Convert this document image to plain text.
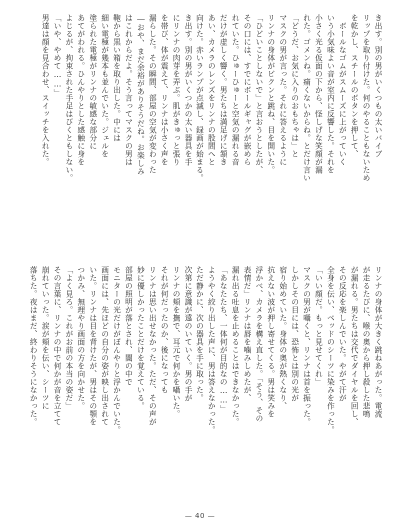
き出す。別の男がいくつもの太いバイブ
リップを取り付けた。何のやることもないため
を乾かし、スチールのボタンを押して、
　ボールなゴムがスムーズに上がっていく
いう小気味よい音が室内に反響した。それを
小さく光る仮面の下から、怪しげな笑顔が漏
れた。ゴメンね。痛くないからね。とだけ言い
「どうだ、お気に入りのおもちゃは」と
マスクの男が言った。それに答えるように
リンナの身体がビクンと跳ね、目を開いた。
「ひどいことしないで」と言おうとしたが、
その口には、すでにボールギャグが嵌めら
れていた。ひゅーひゅーと空気の漏れる音
だけが虚しく響く。男たちは満足げに頷き
あい、カメラのレンズをリンナの股間へと
向けた。赤いランプが点滅し、録画が始まる。
き出す。別の男がいくつかの太い器具を手
にリンナの肉芽を弄ぶ。肌がきゅっと張り
を帯び、体が震えて、リンナは小さく声を
漏らした。その瞬間、部屋の空気が変わった
―おや、まだ余裕がありそうだね。お楽しみ
はこれからだよ。そう言ってマスクの男は
鞄から黒い箱を取り出した。中には
細い電極が幾本も並んでいた。ジェルを
塗られた電極がリンナの敏感な部分に
あてがわれる。ひんやりとした感触に身を
よじるが、拘束された手足はびくともしない。
「いや、やめて……」
男達は顔を見合わせ、スイッチを入れた。
リンナの身体が大きく跳ねあがった。電流
が走るたびに、喉の奥から押し殺した悲鳴
が漏れる。男たちは交代でダイヤルを回し、
その反応を楽しんでいた。やがて汗が
全身を伝い、ベッドのシーツに染みを作った。
「いい顔だ。もっと見せてくれ」
マスクの男が囁くと、リンナは首を振った。
しかしその目には、恐怖とは別の光が
宿り始めていた。身体の奥が熱くなり、
抗えない波が押し寄せてくる。男は笑みを
浮かべ、カメラを構え直した。「そう、その
表情だ」リンナは唇を噛みしめたが、
漏れ出る吐息を止めることはできなかった。
「あなたたち、一体何が目的なの……」
ようやく絞り出した声に、男は答えなかった。
ただ静かに、次の器具を手に取った。
次第に意識が遠のいていく。男の手が
リンナの頬を撫で、耳元で何かを囁いた。
それが何だったのか、後になっても
リンナは思い出せなかった。ただ、その声が
妙に優しかったことだけを覚えている。
部屋の照明が落とされ、闇の中で
モニターの光だけがぼんやりと浮かんでいた。
画面には、先ほどの自分の姿が映し出されて
いた。リンナは目を背けたが、男はその顎を
つかみ、無理やり画面の方を向かせた。
「よく見ろ。これがお前の本当の姿だ」
その言葉に、リンナの中で何かが音を立てて
崩れていった。涙が頬を伝い、シーツに
落ちた。夜はまだ、終わりそうになかった。
— 40 —
